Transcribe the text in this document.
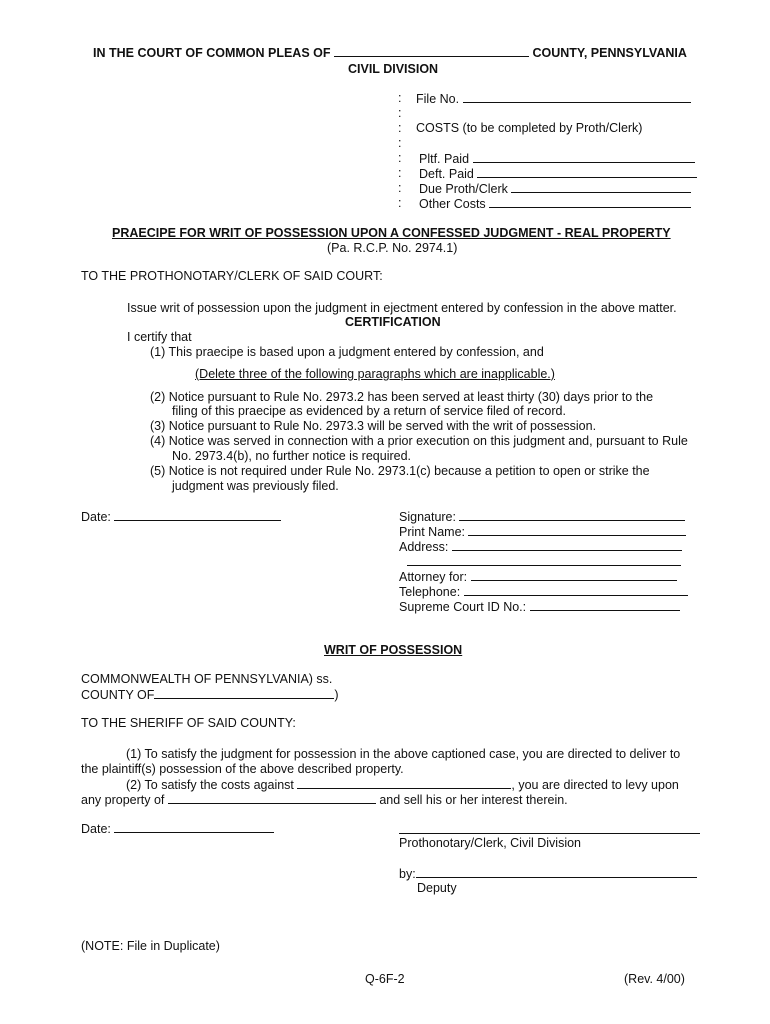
IN THE COURT OF COMMON PLEAS OF	COUNTY, PENNSYLVANIA
CIVIL DIVISION
:
:
:
:
:
:
:
:
File No.
COSTS (to be completed by Proth/Clerk)
Pltf. Paid
Deft. Paid
Due Proth/Clerk
Other Costs
PRAECIPE FOR WRIT OF POSSESSION UPON A CONFESSED JUDGMENT - REAL PROPERTY
(Pa. R.C.P. No. 2974.1)
TO THE PROTHONOTARY/CLERK OF SAID COURT:
Issue writ of possession upon the judgment in ejectment entered by confession in the above matter.
CERTIFICATION
I certify that
(1) This praecipe is based upon a judgment entered by confession, and
(Delete three of the following paragraphs which are inapplicable.)
(2) Notice pursuant to Rule No. 2973.2 has been served at least thirty (30) days prior to the
filing of this praecipe as evidenced by a return of service filed of record.
(3) Notice pursuant to Rule No. 2973.3 will be served with the writ of possession.
(4) Notice was served in connection with a prior execution on this judgment and, pursuant to Rule
No. 2973.4(b), no further notice is required.
(5) Notice is not required under Rule No. 2973.1(c) because a petition to open or strike the
judgment was previously filed.
Date:	Signature:
Print Name:
Address:
Attorney for:
Telephone:
Supreme Court ID No.:
WRIT OF POSSESSION
COMMONWEALTH OF PENNSYLVANIA) ss.
COUNTY OF	)
TO THE SHERIFF OF SAID COUNTY:
(1) To satisfy the judgment for possession in the above captioned case, you are directed to deliver to
the plaintiff(s) possession of the above described property.
(2) To satisfy the costs against	, you are directed to levy upon
any property of	and sell his or her interest therein.
Date:
Prothonotary/Clerk, Civil Division
by:
Deputy
(NOTE: File in Duplicate)
Q-6F-2	(Rev. 4/00)
